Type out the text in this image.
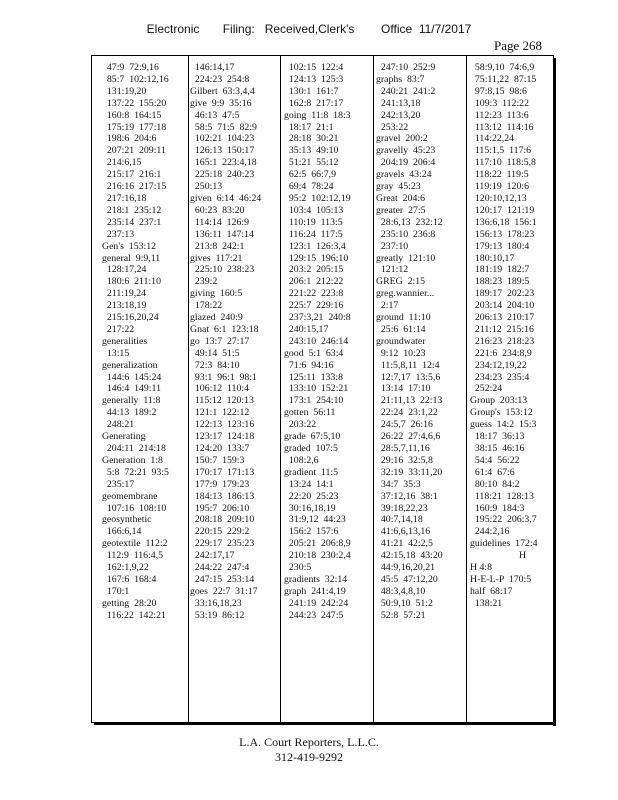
Electronic       Filing:   Received,Clerk's        Office  11/7/2017
Page 268
47:9  72:9,16
85:7  102:12,16
131:19,20
137:22  155:20
160:8  164:15
175:19  177:18
198:6  204:6
207:21  209:11
214:6,15
215:17  216:1
216:16  217:15
217:16,18
218:1  235:12
235:14  237:1
237:13
Gen's  153:12
general  9:9,11
128:17,24
180:6  211:10
211:19,24
213:18,19
215:16,20,24
217:22
generalities
13:15
generalization
144:6  145:24
146:4  149:11
generally  11:8
44:13  189:2
248:21
Generating
204:11  214:18
Generation  1:8
5:8  72:21  93:5
235:17
geomembrane
107:16  108:10
geosynthetic
166:6,14
geotextile  112:2
112:9  116:4,5
162:1,9,22
167:6  168:4
170:1
getting  28:20
116:22  142:21
146:14,17
224:23  254:8
Gilbert  63:3,4,4
give  9:9  35:16
46:13  47:5
58:5  71:5  82:9
102:21  104:23
126:13  150:17
165:1  223:4,18
225:18  240:23
250:13
given  6:14  46:24
60:23  83:20
114:14  126:9
136:11  147:14
213:8  242:1
gives  117:21
225:10  238:23
239:2
giving  160:5
178:22
glazed  240:9
Gnat  6:1  123:18
go  13:7  27:17
49:14  51:5
72:3  84:10
93:1  96:1  98:1
106:12  110:4
115:12  120:13
121:1  122:12
122:13  123:16
123:17  124:18
124:20  133:7
150:7  159:3
170:17  171:13
177:9  179:23
184:13  186:13
195:7  206:10
208:18  209:10
220:15  229:2
229:17  235:23
242:17,17
244:22  247:4
247:15  253:14
goes  22:7  31:17
33:16,18,23
53:19  86:12
102:15  122:4
124:13  125:3
130:1  161:7
162:8  217:17
going  11:8  18:3
18:17  21:1
28:18  30:21
35:13  49:10
51:21  55:12
62:5  66:7,9
69:4  78:24
95:2  102:12,19
103:4  105:13
110:19  113:5
116:24  117:5
123:1  126:3,4
129:15  196:10
203:2  205:15
206:1  212:22
221:22  223:8
225:7  229:16
237:3,21  240:8
240:15,17
243:10  246:14
good  5:1  63:4
71:6  94:16
125:11  133:8
133:10  152:21
173:1  254:10
gotten  56:11
203:22
grade  67:5,10
graded  107:5
108:2,6
gradient  11:5
13:24  14:1
22:20  25:23
30:16,18,19
31:9,12  44:23
156:2  157:6
205:21  206:8,9
210:18  230:2,4
230:5
gradients  32:14
graph  241:4,19
241:19  242:24
244:23  247:5
247:10  252:9
graphs  83:7
240:21  241:2
241:13,18
242:13,20
253:22
gravel  200:2
gravelly  45:23
204:19  206:4
gravels  43:24
gray  45:23
Great  204:6
greater  27:5
28:6,13  232:12
235:10  236:8
237:10
greatly  121:10
121:12
GREG  2:15
greg.wannier...
2:17
ground  11:10
25:6  61:14
groundwater
9:12  10:23
11:5,8,11  12:4
12:7,17  13:5,6
13:14  17:10
21:11,13  22:13
22:24  23:1,22
24:5,7  26:16
26:22  27:4,6,6
28:5,7,11,16
29:16  32:5,8
32:19  33:11,20
34:7  35:3
37:12,16  38:1
39:18,22,23
40:7,14,18
41:6,6,13,16
41:21  42:2,5
42:15,18  43:20
44:9,16,20,21
45:5  47:12,20
48:3,4,8,10
50:9,10  51:2
52:8  57:21
58:9,10  74:6,9
75:11,22  87:15
97:8,15  98:6
109:3  112:22
112:23  113:6
113:12  114:16
114:22,24
115:1,5  117:6
117:10  118:5,8
118:22  119:5
119:19  120:6
120:10,12,13
120:17  121:19
136:6,18  156:1
156:13  178:23
179:13  180:4
180:10,17
181:19  182:7
188:23  189:5
189:17  202:23
203:14  204:10
206:13  210:17
211:12  215:16
216:23  218:23
221:6  234:8,9
234:12,19,22
234:23  235:4
252:24
Group  203:13
Group's  153:12
guess  14:2  15:3
18:17  36:13
38:15  46:16
54:4  56:22
61:4  67:6
80:10  84:2
118:21  128:13
160:9  184:3
195:22  206:3,7
244:2,16
guidelines  172:4
H
H 4:8
H-E-L-P  170:5
half  68:17
138:21
L.A. Court Reporters, L.L.C.
312-419-9292
